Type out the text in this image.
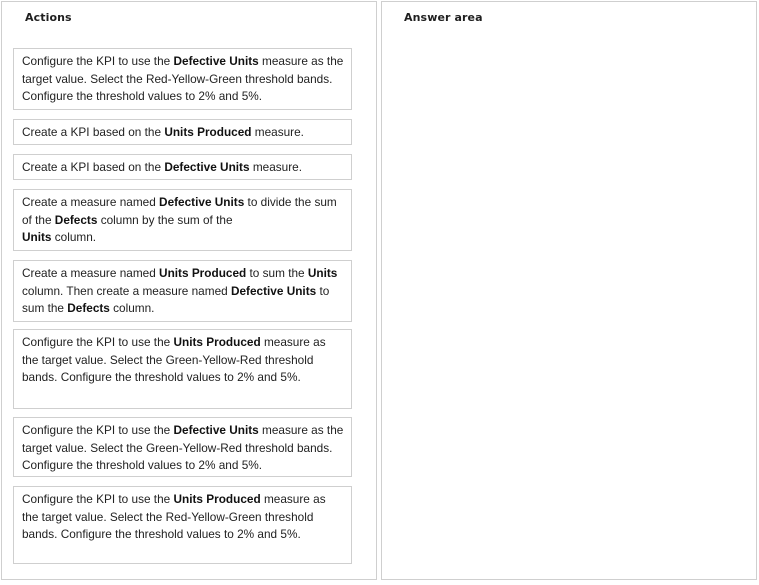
Actions
Configure the KPI to use the Defective Units measure as the target value. Select the Red-Yellow-Green threshold bands. Configure the threshold values to 2% and 5%.
Create a KPI based on the Units Produced measure.
Create a KPI based on the Defective Units measure.
Create a measure named Defective Units to divide the sum of the Defects column by the sum of the
Units column.
Create a measure named Units Produced to sum the Units column. Then create a measure named Defective Units to sum the Defects column.
Configure the KPI to use the Units Produced measure as the target value. Select the Green-Yellow-Red threshold bands. Configure the threshold values to 2% and 5%.
Configure the KPI to use the Defective Units measure as the target value. Select the Green-Yellow-Red threshold bands. Configure the threshold values to 2% and 5%.
Configure the KPI to use the Units Produced measure as the target value. Select the Red-Yellow-Green threshold bands. Configure the threshold values to 2% and 5%.
Answer area
